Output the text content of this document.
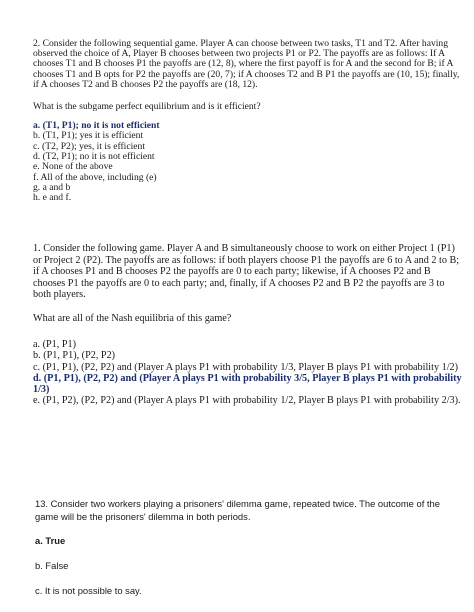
2. Consider the following sequential game. Player A can choose between two tasks, T1 and T2. After having observed the choice of A, Player B chooses between two projects P1 or P2. The payoffs are as follows: If A chooses T1 and B chooses P1 the payoffs are (12, 8), where the first payoff is for A and the second for B; if A chooses T1 and B opts for P2 the payoffs are (20, 7); if A chooses T2 and B P1 the payoffs are (10, 15); finally, if A chooses T2 and B chooses P2 the payoffs are (18, 12).

What is the subgame perfect equilibrium and is it efficient?

a. (T1, P1); no it is not efficient

b. (T1, P1); yes it is efficient

c. (T2, P2); yes, it is efficient

d. (T2, P1); no it is not efficient

e. None of the above

f. All of the above, including (e)

g. a and b

h. e and f.

1. Consider the following game. Player A and B simultaneously choose to work on either Project 1 (P1) or Project 2 (P2). The payoffs are as follows: if both players choose P1 the payoffs are 6 to A and 2 to B; if A chooses P1 and B chooses P2 the payoffs are 0 to each party; likewise, if A chooses P2 and B chooses P1 the payoffs are 0 to each party; and, finally, if A chooses P2 and B P2 the payoffs are 3 to both players.

What are all of the Nash equilibria of this game?

a. (P1, P1)

b. (P1, P1), (P2, P2)

c. (P1, P1), (P2, P2) and (Player A plays P1 with probability 1/3, Player B plays P1 with probability 1/2)

d. (P1, P1), (P2, P2) and (Player A plays P1 with probability 3/5, Player B plays P1 with probability 1/3)

e. (P1, P2), (P2, P2) and (Player A plays P1 with probability 1/2, Player B plays P1 with probability 2/3).

13. Consider two workers playing a prisoners' dilemma game, repeated twice. The outcome of the game will be the prisoners' dilemma in both periods.

a. True

b. False

c. It is not possible to say.
